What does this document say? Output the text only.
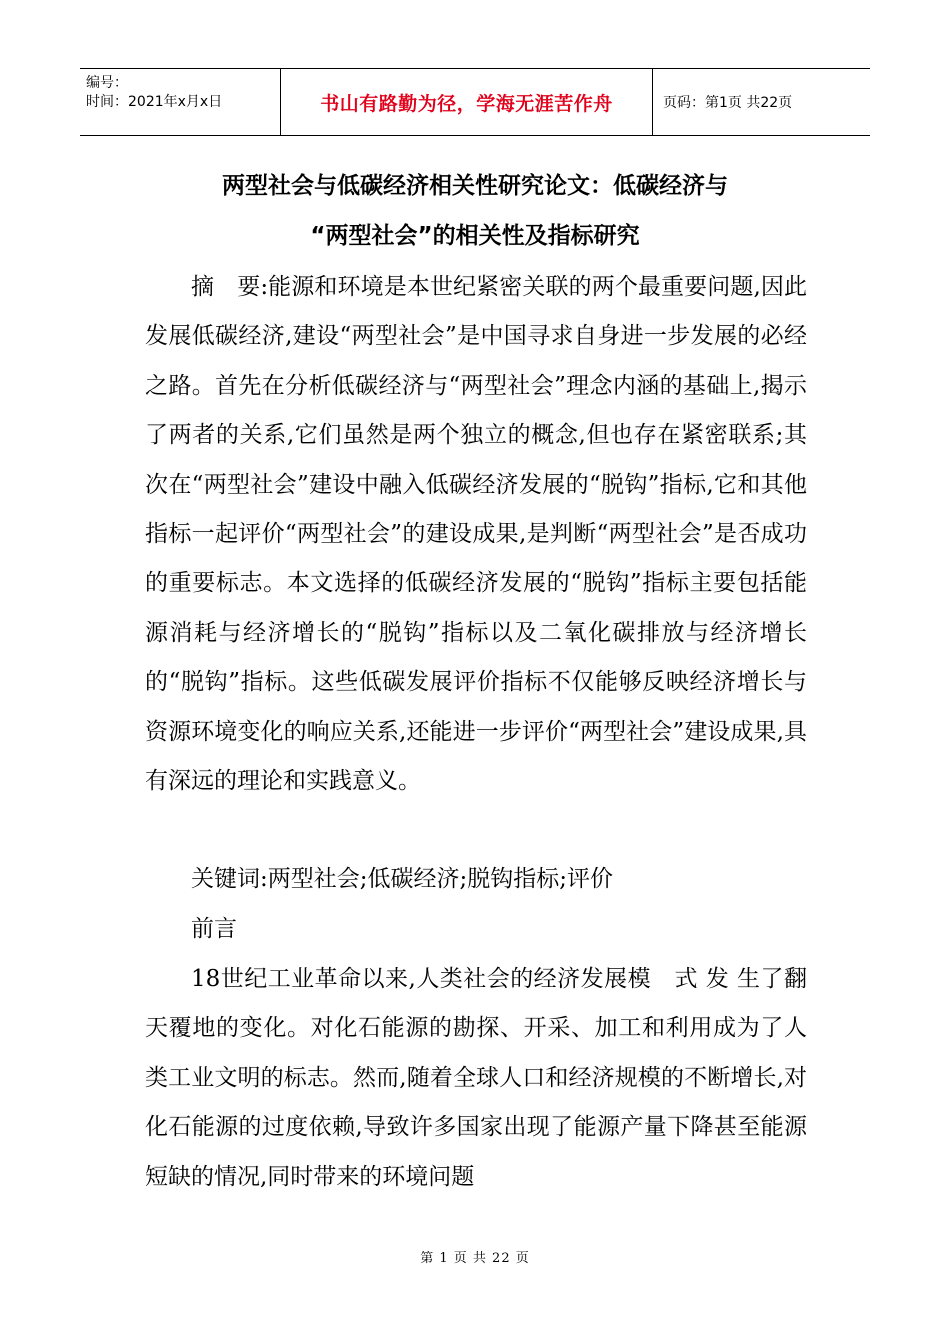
编号：
时间：2021年x月x日	书山有路勤为径，学海无涯苦作舟	页码：第1页 共22页
两型社会与低碳经济相关性研究论文：低碳经济与
“两型社会”的相关性及指标研究

摘　要:能源和环境是本世纪紧密关联的两个最重要问题,因此发展低碳经济,建设“两型社会”是中国寻求自身进一步发展的必经之路。首先在分析低碳经济与“两型社会”理念内涵的基础上,揭示了两者的关系,它们虽然是两个独立的概念,但也存在紧密联系;其次在“两型社会”建设中融入低碳经济发展的“脱钩”指标,它和其他指标一起评价“两型社会”的建设成果,是判断“两型社会”是否成功的重要标志。本文选择的低碳经济发展的“脱钩”指标主要包括能源消耗与经济增长的“脱钩”指标以及二氧化碳排放与经济增长的“脱钩”指标。这些低碳发展评价指标不仅能够反映经济增长与资源环境变化的响应关系,还能进一步评价“两型社会”建设成果,具有深远的理论和实践意义。

关键词:两型社会;低碳经济;脱钩指标;评价

前言

18世纪工业革命以来,人类社会的经济发展模　式 发 生了翻天覆地的变化。对化石能源的勘探、开采、加工和利用成为了人类工业文明的标志。然而,随着全球人口和经济规模的不断增长,对化石能源的过度依赖,导致许多国家出现了能源产量下降甚至能源短缺的情况,同时带来的环境问题

第 1 页 共 22 页
